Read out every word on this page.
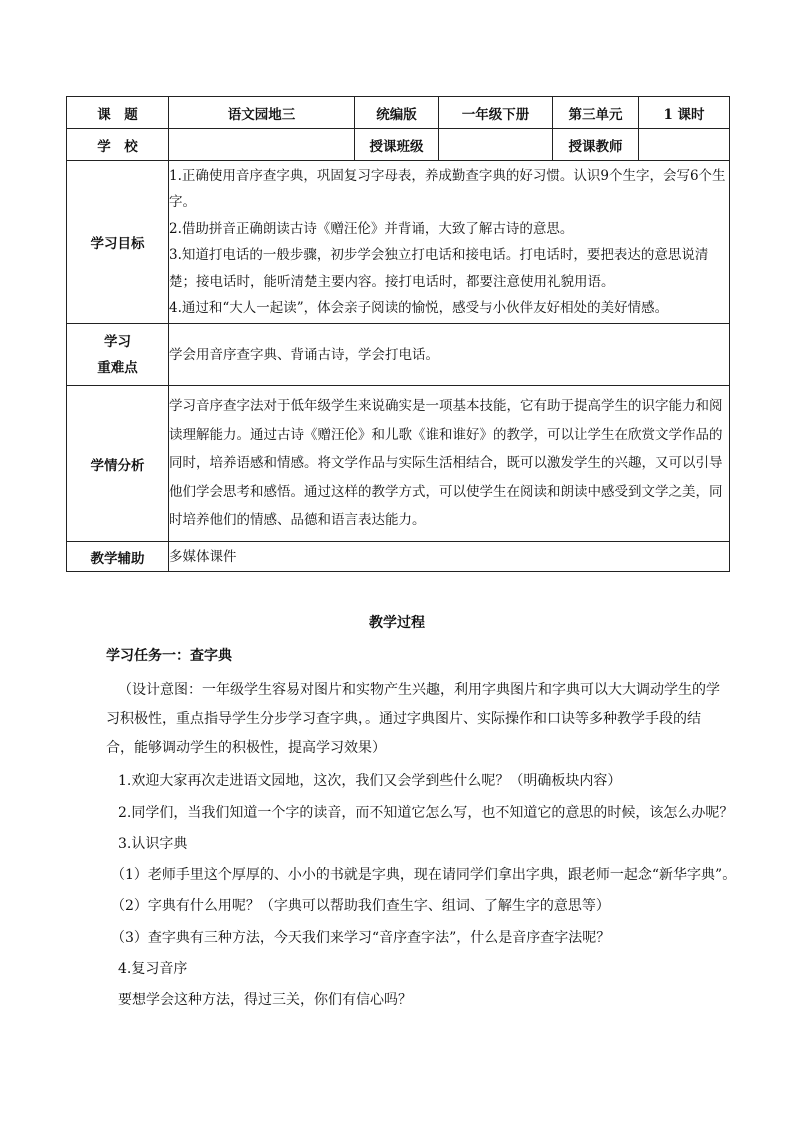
课　题	语文园地三	统编版	一年级下册	第三单元	1 课时
学　校		授课班级		授课教师	
学习目标	1.正确使用音序查字典，巩固复习字母表，养成勤查字典的好习惯。认识9个生字，会写6个生字。
2.借助拼音正确朗读古诗《赠汪伦》并背诵，大致了解古诗的意思。
3.知道打电话的一般步骤，初步学会独立打电话和接电话。打电话时，要把表达的意思说清楚；接电话时，能听清楚主要内容。接打电话时，都要注意使用礼貌用语。
4.通过和“大人一起读”，体会亲子阅读的愉悦，感受与小伙伴友好相处的美好情感。				

学习
重难点	学会用音序查字典、背诵古诗，学会打电话。				
学情分析	学习音序查字法对于低年级学生来说确实是一项基本技能，它有助于提高学生的识字能力和阅读理解能力。通过古诗《赠汪伦》和儿歌《谁和谁好》的教学，可以让学生在欣赏文学作品的同时，培养语感和情感。将文学作品与实际生活相结合，既可以激发学生的兴趣，又可以引导他们学会思考和感悟。通过这样的教学方式，可以使学生在阅读和朗读中感受到文学之美，同时培养他们的情感、品德和语言表达能力。				
教学辅助	多媒体课件				
教学过程
学习任务一：查字典
（设计意图：一年级学生容易对图片和实物产生兴趣，利用字典图片和字典可以大大调动学生的学习积极性，重点指导学生分步学习查字典，。通过字典图片、实际操作和口诀等多种教学手段的结合，能够调动学生的积极性，提高学习效果）
1.欢迎大家再次走进语文园地，这次，我们又会学到些什么呢？（明确板块内容）
2.同学们，当我们知道一个字的读音，而不知道它怎么写，也不知道它的意思的时候，该怎么办呢？
3.认识字典
（1）老师手里这个厚厚的、小小的书就是字典，现在请同学们拿出字典，跟老师一起念“新华字典”。
（2）字典有什么用呢？（字典可以帮助我们查生字、组词、了解生字的意思等）
（3）查字典有三种方法，今天我们来学习“音序查字法”，什么是音序查字法呢？
4.复习音序
要想学会这种方法，得过三关，你们有信心吗？
